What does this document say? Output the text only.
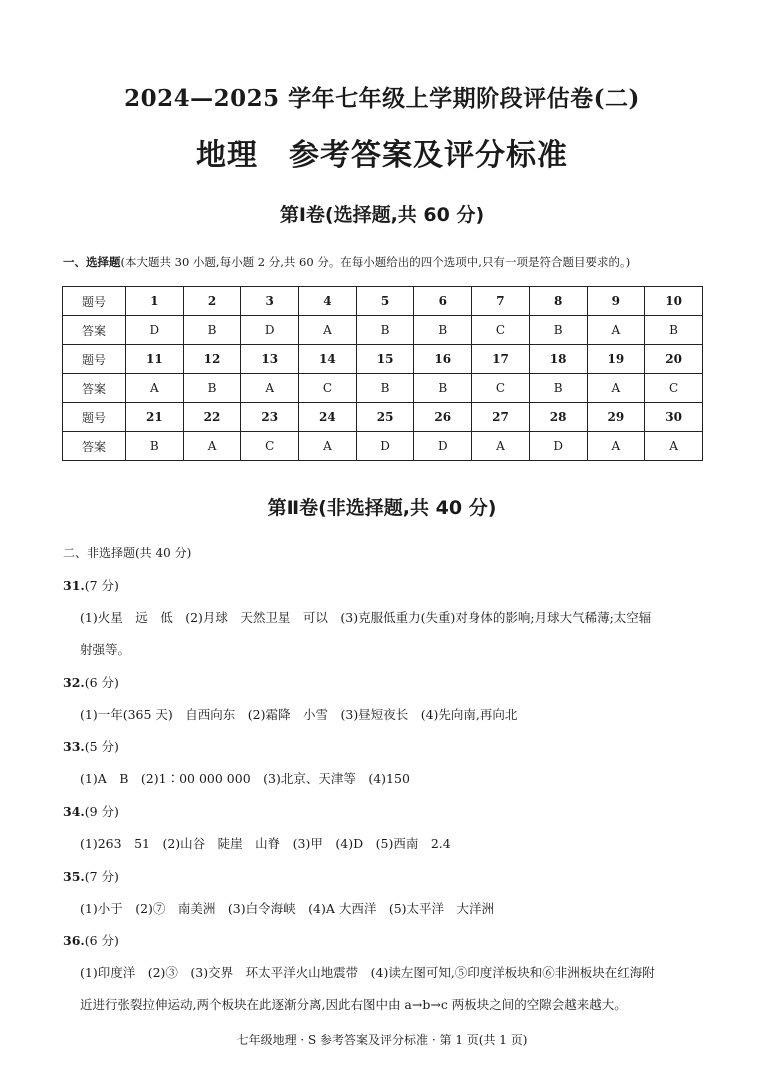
2024—2025 学年七年级上学期阶段评估卷(二)
地理　参考答案及评分标准
第Ⅰ卷(选择题,共 60 分)
一、选择题(本大题共 30 小题,每小题 2 分,共 60 分。在每小题给出的四个选项中,只有一项是符合题目要求的。)
题号	1	2	3	4	5	6	7	8	9	10
答案	D	B	D	A	B	B	C	B	A	B
题号	11	12	13	14	15	16	17	18	19	20
答案	A	B	A	C	B	B	C	B	A	C
题号	21	22	23	24	25	26	27	28	29	30
答案	B	A	C	A	D	D	A	D	A	A
第Ⅱ卷(非选择题,共 40 分)
二、非选择题(共 40 分)
31.(7 分)
(1)火星　远　低　(2)月球　天然卫星　可以　(3)克服低重力(失重)对身体的影响;月球大气稀薄;太空辐
射强等。
32.(6 分)
(1)一年(365 天)　自西向东　(2)霜降　小雪　(3)昼短夜长　(4)先向南,再向北
33.(5 分)
(1)A　B　(2)1∶00 000 000　(3)北京、天津等　(4)150
34.(9 分)
(1)263　51　(2)山谷　陡崖　山脊　(3)甲　(4)D　(5)西南　2.4
35.(7 分)
(1)小于　(2)⑦　南美洲　(3)白令海峡　(4)A 大西洋　(5)太平洋　大洋洲
36.(6 分)
(1)印度洋　(2)③　(3)交界　环太平洋火山地震带　(4)读左图可知,⑤印度洋板块和⑥非洲板块在红海附
近进行张裂拉伸运动,两个板块在此逐渐分离,因此右图中由 a→b→c 两板块之间的空隙会越来越大。
七年级地理 · S 参考答案及评分标准 · 第 1 页(共 1 页)
